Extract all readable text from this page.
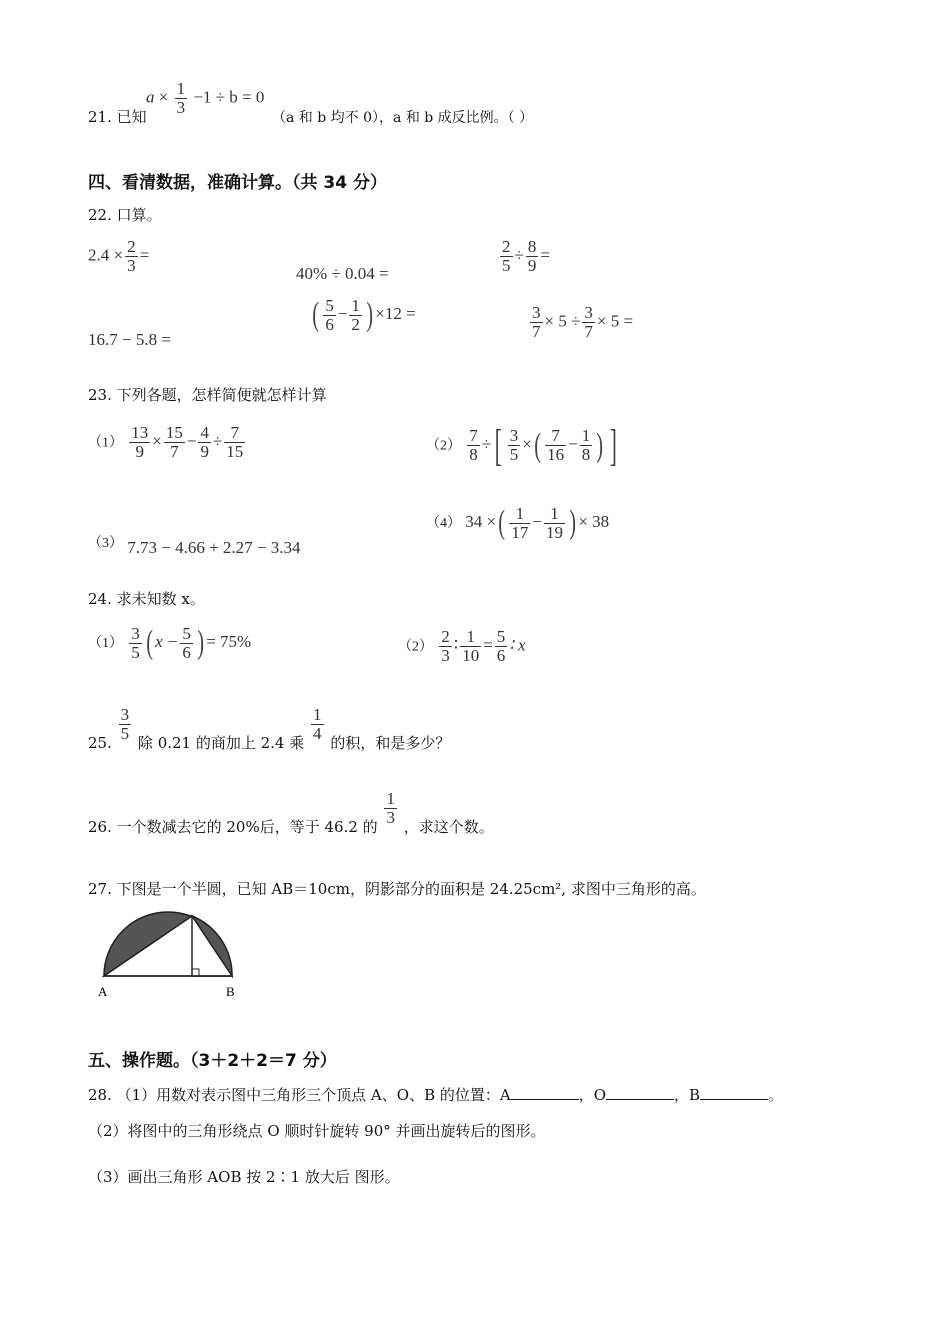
21. 已知
$a \times \frac{1}{3} -1 \div b = 0$
（a 和 b 均不 0），a 和 b 成反比例。（ ）
四、看清数据，准确计算。（共 34 分）
22. 口算。
$2.4 \times \frac{2}{3}$ =
40% ÷ 0.04 =	$\frac{2}{5} \div \frac{8}{9}$ =
16.7 − 5.8 =
( $\frac{5}{6} - \frac{1}{2}$ ) ×12 =	$\frac{3}{7} \times 5 \div \frac{3}{7} \times 5$ =
23. 下列各题，怎样简便就怎样计算
$(1) \frac{13}{9} \times \frac{15}{7} - \frac{4}{9} \div \frac{7}{15}$	$(2) \frac{7}{8}$ ÷[ $\frac{3}{5}$ ×( $\frac{7}{16} - \frac{1}{8}$ ) ]
（3） 7.73 − 4.66 + 2.27 − 3.34
（4） 34 ×( $\frac{1}{17} - \frac{1}{19}$ ) × 38
24. 求未知数 x。
$(1) \frac{3}{5}$ ( $x - \frac{5}{6}$ ) = 75%	$(2) \frac{2}{3}$ ∶ $\frac{1}{10} = \frac{5}{6}$ ∶ x
25. $\frac{3}{5}$ 除 0.21 的商加上 2.4 乘 $\frac{1}{4}$ 的积，和是多少？
26. 一个数减去它的 20%后，等于 46.2 的 $\frac{1}{3}$ ，求这个数。
27. 下图是一个半圆，已知 AB＝10cm，阴影部分的面积是 24.25cm², 求图中三角形的高。
A	B
五、操作题。（3＋2＋2＝7 分）
28. （1）用数对表示图中三角形三个顶点 A、O、B 的位置：A	，O	，B	。
（2）将图中的三角形绕点 O 顺时针旋转 90° 并画出旋转后的图形。
（3）画出三角形 AOB 按 2∶1 放大后 图形。
